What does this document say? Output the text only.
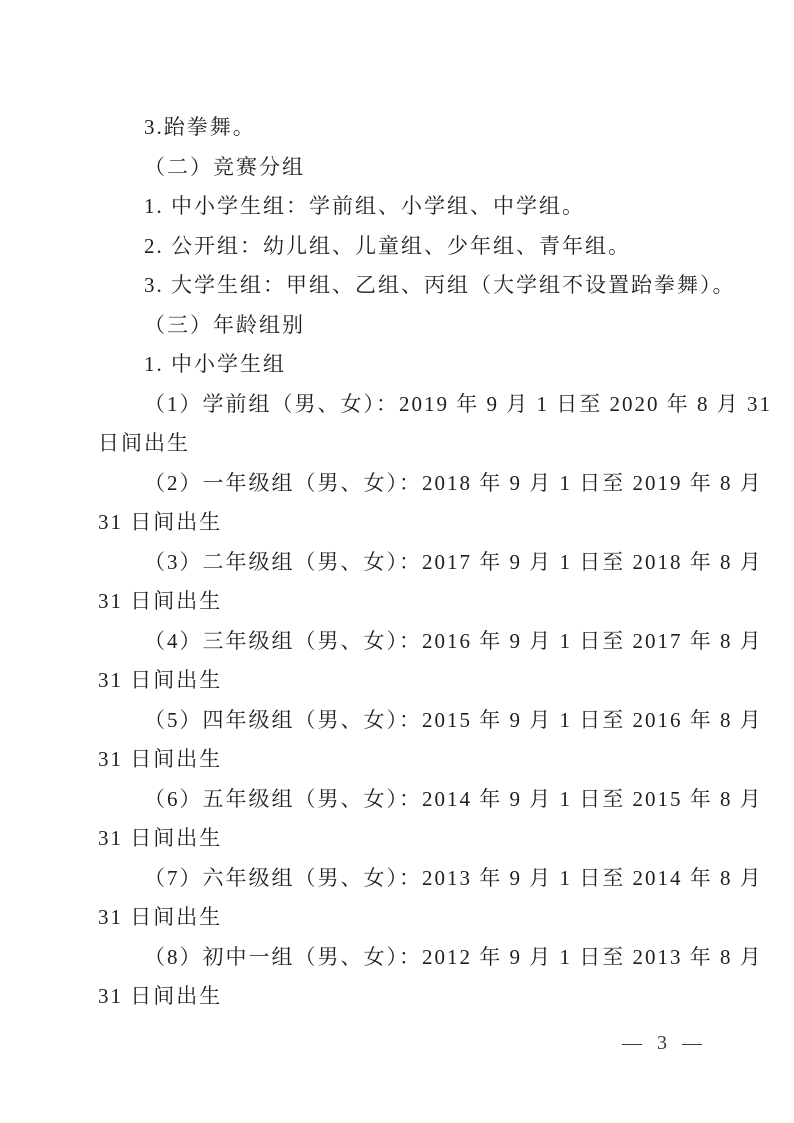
3.跆拳舞。
（二）竞赛分组
1. 中小学生组：学前组、小学组、中学组。
2. 公开组：幼儿组、儿童组、少年组、青年组。
3. 大学生组：甲组、乙组、丙组（大学组不设置跆拳舞）。
（三）年龄组别
1. 中小学生组
（1）学前组（男、女）：2019 年 9 月 1 日至 2020 年 8 月 31
日间出生
（2）一年级组（男、女）：2018 年 9 月 1 日至 2019 年 8 月
31 日间出生
（3）二年级组（男、女）：2017 年 9 月 1 日至 2018 年 8 月
31 日间出生
（4）三年级组（男、女）：2016 年 9 月 1 日至 2017 年 8 月
31 日间出生
（5）四年级组（男、女）：2015 年 9 月 1 日至 2016 年 8 月
31 日间出生
（6）五年级组（男、女）：2014 年 9 月 1 日至 2015 年 8 月
31 日间出生
（7）六年级组（男、女）：2013 年 9 月 1 日至 2014 年 8 月
31 日间出生
（8）初中一组（男、女）：2012 年 9 月 1 日至 2013 年 8 月
31 日间出生
— 3 —
